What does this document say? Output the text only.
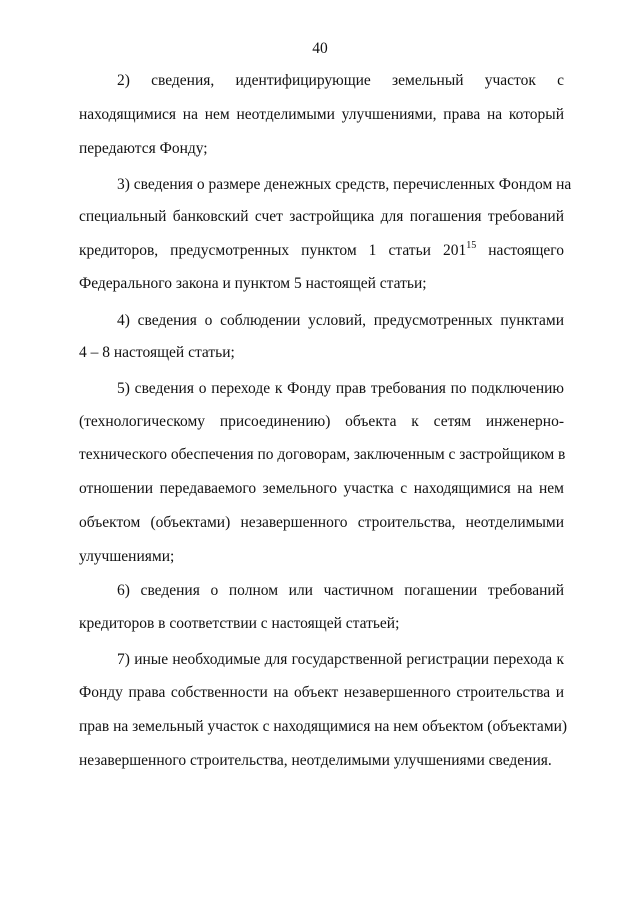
40
2) сведения, идентифицирующие земельный участок с
находящимися на нем неотделимыми улучшениями, права на который
передаются Фонду;
3) сведения о размере денежных средств, перечисленных Фондом на
специальный банковский счет застройщика для погашения требований
кредиторов, предусмотренных пунктом 1 статьи $201^{15}$ настоящего
Федерального закона и пунктом 5 настоящей статьи;
4) сведения о соблюдении условий, предусмотренных пунктами
4 – 8 настоящей статьи;
5) сведения о переходе к Фонду прав требования по подключению
(технологическому присоединению) объекта к сетям инженерно-
технического обеспечения по договорам, заключенным с застройщиком в
отношении передаваемого земельного участка с находящимися на нем
объектом (объектами) незавершенного строительства, неотделимыми
улучшениями;
6) сведения о полном или частичном погашении требований
кредиторов в соответствии с настоящей статьей;
7) иные необходимые для государственной регистрации перехода к
Фонду права собственности на объект незавершенного строительства и
прав на земельный участок с находящимися на нем объектом (объектами)
незавершенного строительства, неотделимыми улучшениями сведения.
